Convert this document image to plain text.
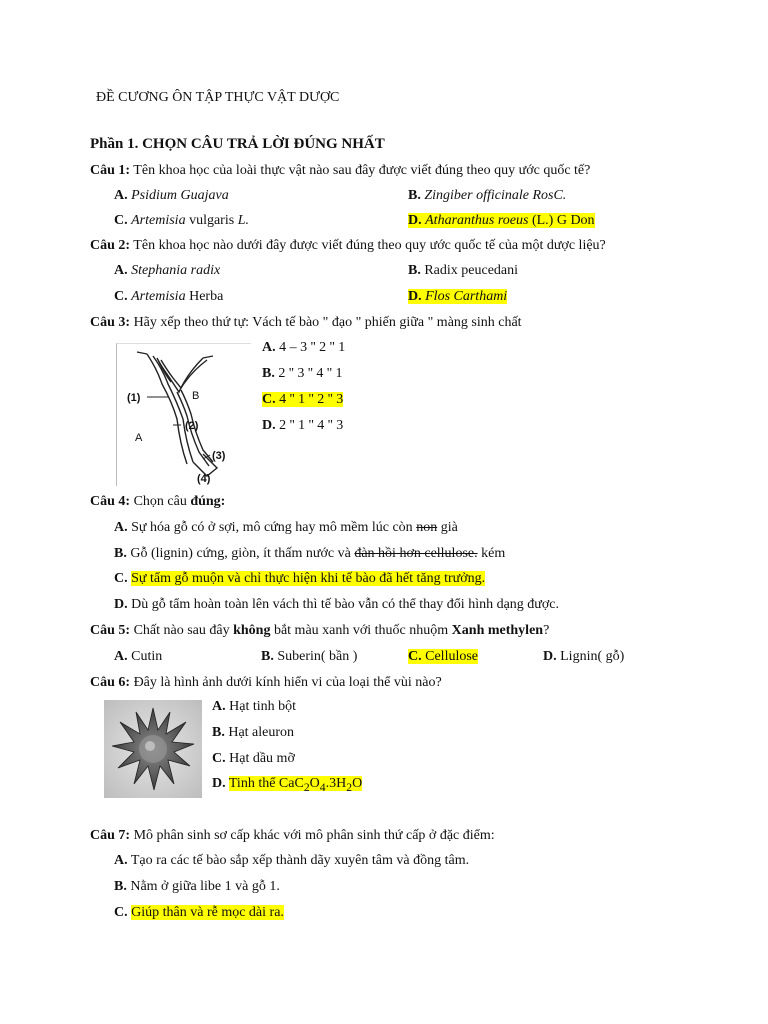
ĐỀ CƯƠNG ÔN TẬP THỰC VẬT DƯỢC
Phần 1. CHỌN CÂU TRẢ LỜI ĐÚNG NHẤT
Câu 1: Tên khoa học của loài thực vật nào sau đây được viết đúng theo quy ước quốc tế?
A. Psidium Guajava	B. Zingiber officinale RosC.
C. Artemisia vulgaris L.	D. Atharanthus roeus (L.) G Don
Câu 2: Tên khoa học nào dưới đây được viết đúng theo quy ước quốc tế của một dược liệu?
A. Stephania radix	B. Radix peucedani
C. Artemisia Herba	D. Flos Carthami
Câu 3: Hãy xếp theo thứ tự: Vách tế bào " đạo " phiến giữa " màng sinh chất
(1)	B
A
(2)
(3)
(4)
A. 4 – 3 '' 2 '' 1
B. 2 '' 3 '' 4 '' 1
C. 4 '' 1 '' 2 '' 3
D. 2 '' 1 '' 4 '' 3
Câu 4: Chọn câu đúng:
A. Sự hóa gỗ có ở sợi, mô cứng hay mô mềm lúc còn non già
B. Gỗ (lignin) cứng, giòn, ít thấm nước và đàn hồi hơn cellulose. kém
C. Sự tẩm gỗ muộn và chỉ thực hiện khi tế bào đã hết tăng trưởng.
D. Dù gỗ tẩm hoàn toàn lên vách thì tế bào vẫn có thể thay đổi hình dạng được.
Câu 5: Chất nào sau đây không bắt màu xanh với thuốc nhuộm Xanh methylen?
A. Cutin	B. Suberin( bần )	C. Cellulose	D. Lignin( gỗ)
Câu 6: Đây là hình ảnh dưới kính hiển vi của loại thể vùi nào?
A. Hạt tinh bột
B. Hạt aleuron
C. Hạt dầu mỡ
D. Tinh thể $CaC_2O_4.3H_2O$
Câu 7: Mô phân sinh sơ cấp khác với mô phân sinh thứ cấp ở đặc điểm:
A. Tạo ra các tế bào sắp xếp thành dãy xuyên tâm và đồng tâm.
B. Nằm ở giữa libe 1 và gỗ 1.
C. Giúp thân và rễ mọc dài ra.
